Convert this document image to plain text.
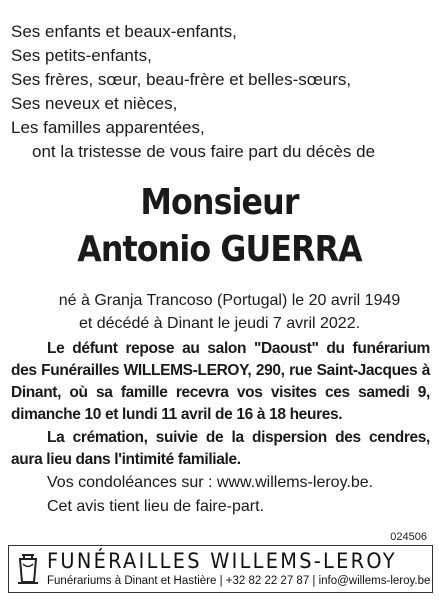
Ses enfants et beaux-enfants,
Ses petits-enfants,
Ses frères, sœur, beau-frère et belles-sœurs,
Ses neveux et nièces,
Les familles apparentées,
ont la tristesse de vous faire part du décès de
Monsieur
Antonio GUERRA
né à Granja Trancoso (Portugal) le 20 avril 1949
et décédé à Dinant le jeudi 7 avril 2022.
Le défunt repose au salon "Daoust" du funérarium des Funérailles WILLEMS-LEROY, 290, rue Saint-Jacques à Dinant, où sa famille recevra vos visites ces samedi 9, dimanche 10 et lundi 11 avril de 16 à 18 heures.
La crémation, suivie de la dispersion des cendres, aura lieu dans l'intimité familiale.
Vos condoléances sur : www.willems-leroy.be.
Cet avis tient lieu de faire-part.
024506
FUNÉRAILLES WILLEMS-LEROY
Funérariums à Dinant et Hastière | +32 82 22 27 87 | info@willems-leroy.be
